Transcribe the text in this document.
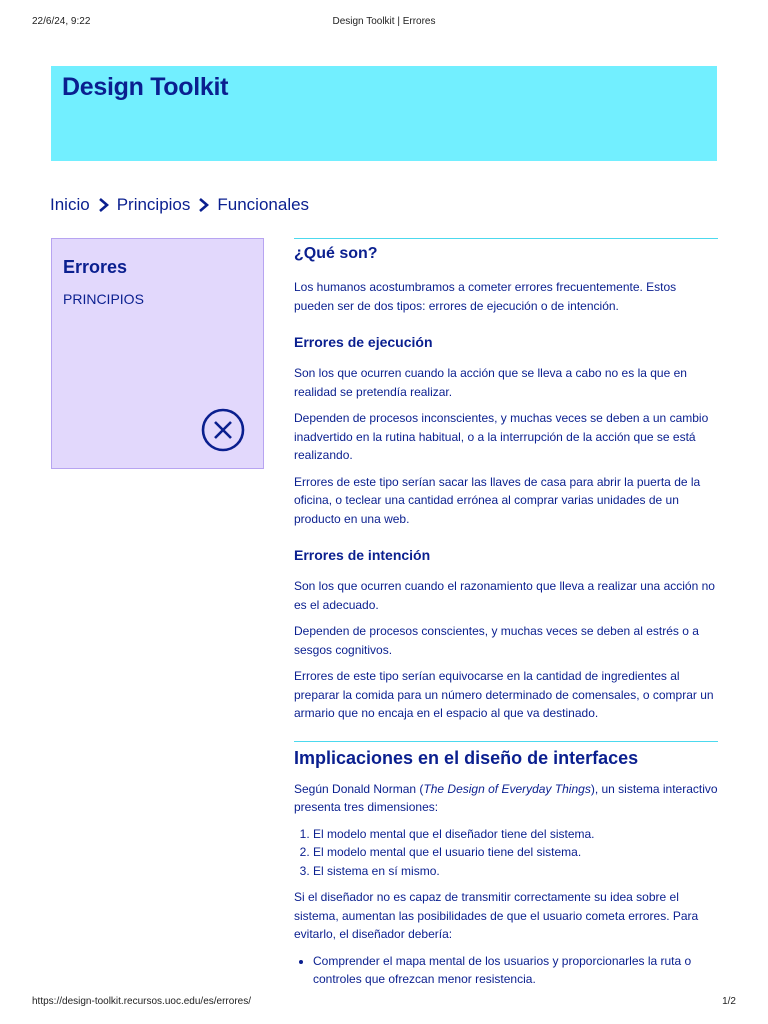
22/6/24, 9:22	Design Toolkit | Errores
Design Toolkit
Inicio Principios Funcionales
Errores
PRINCIPIOS
¿Qué son?

Los humanos acostumbramos a cometer errores frecuentemente. Estos pueden ser de dos tipos: errores de ejecución o de intención.

Errores de ejecución

Son los que ocurren cuando la acción que se lleva a cabo no es la que en realidad se pretendía realizar.

Dependen de procesos inconscientes, y muchas veces se deben a un cambio inadvertido en la rutina habitual, o a la interrupción de la acción que se está realizando.

Errores de este tipo serían sacar las llaves de casa para abrir la puerta de la oficina, o teclear una cantidad errónea al comprar varias unidades de un producto en una web.

Errores de intención

Son los que ocurren cuando el razonamiento que lleva a realizar una acción no es el adecuado.

Dependen de procesos conscientes, y muchas veces se deben al estrés o a sesgos cognitivos.

Errores de este tipo serían equivocarse en la cantidad de ingredientes al preparar la comida para un número determinado de comensales, o comprar un armario que no encaja en el espacio al que va destinado.

Implicaciones en el diseño de interfaces

Según Donald Norman (The Design of Everyday Things), un sistema interactivo presenta tres dimensiones:

1. El modelo mental que el diseñador tiene del sistema.
2. El modelo mental que el usuario tiene del sistema.
3. El sistema en sí mismo.

Si el diseñador no es capaz de transmitir correctamente su idea sobre el sistema, aumentan las posibilidades de que el usuario cometa errores. Para evitarlo, el diseñador debería:

• Comprender el mapa mental de los usuarios y proporcionarles la ruta o controles que ofrezcan menor resistencia.
https://design-toolkit.recursos.uoc.edu/es/errores/	1/2
